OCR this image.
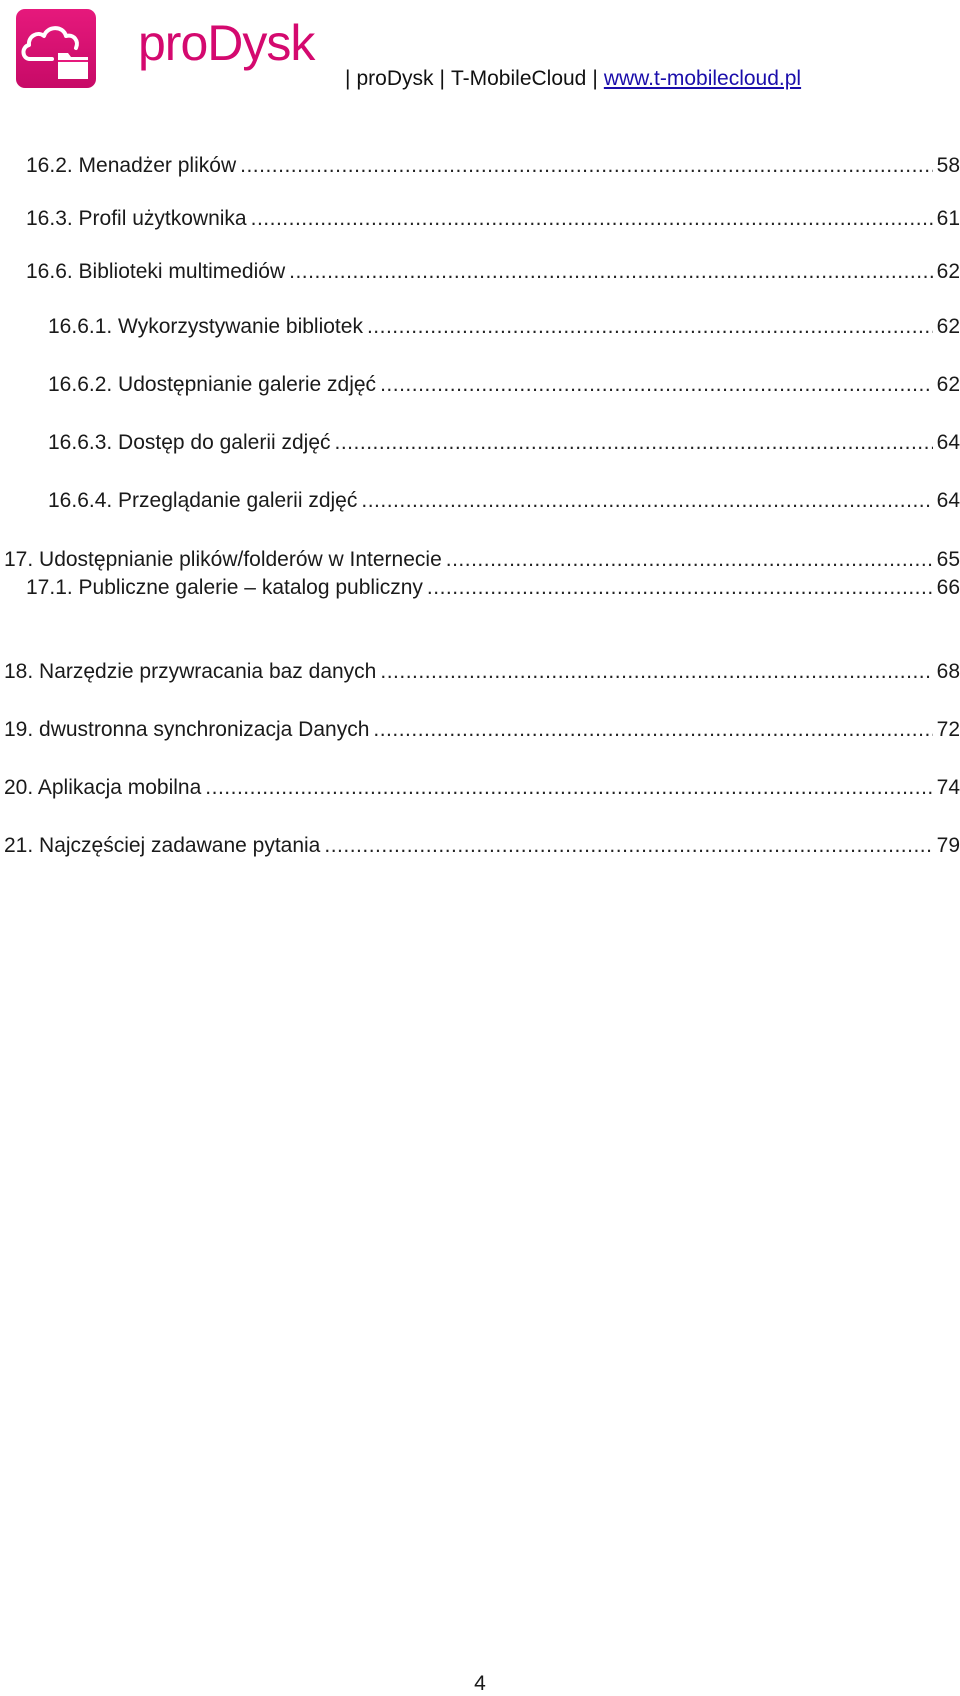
proDysk
| proDysk | T-MobileCloud | www.t-mobilecloud.pl
16.2. Menadżer plików .....	58
16.3. Profil użytkownika .....	61
16.6. Biblioteki multimediów .....	62
16.6.1. Wykorzystywanie bibliotek .....	62
16.6.2. Udostępnianie galerie zdjęć .....	62
16.6.3. Dostęp do galerii zdjęć .....	64
16.6.4. Przeglądanie galerii zdjęć .....	64
17. Udostępnianie plików/folderów w Internecie .....	65
17.1. Publiczne galerie – katalog publiczny .....	66
18. Narzędzie przywracania baz danych .....	68
19. dwustronna synchronizacja Danych .....	72
20. Aplikacja mobilna .....	74
21. Najczęściej zadawane pytania .....	79
4
